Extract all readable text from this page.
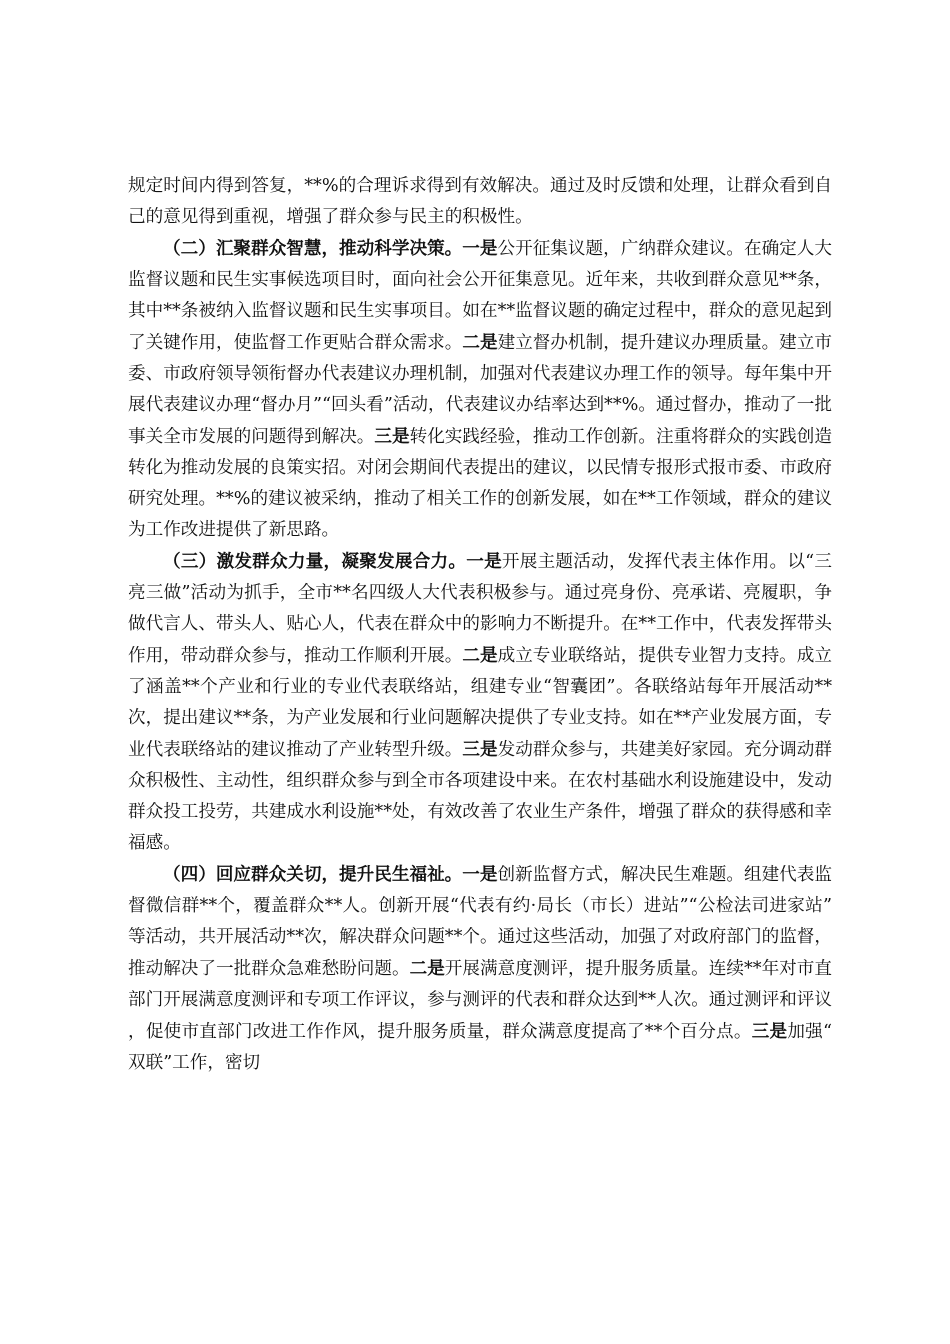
规定时间内得到答复，**%的合理诉求得到有效解决。通过及时反馈和处理，让群众看到自己的意见得到重视，增强了群众参与民主的积极性。

（二）汇聚群众智慧，推动科学决策。一是公开征集议题，广纳群众建议。在确定人大监督议题和民生实事候选项目时，面向社会公开征集意见。近年来，共收到群众意见**条，其中**条被纳入监督议题和民生实事项目。如在**监督议题的确定过程中，群众的意见起到了关键作用，使监督工作更贴合群众需求。二是建立督办机制，提升建议办理质量。建立市委、市政府领导领衔督办代表建议办理机制，加强对代表建议办理工作的领导。每年集中开展代表建议办理“督办月”“回头看”活动，代表建议办结率达到**%。通过督办，推动了一批事关全市发展的问题得到解决。三是转化实践经验，推动工作创新。注重将群众的实践创造转化为推动发展的良策实招。对闭会期间代表提出的建议，以民情专报形式报市委、市政府研究处理。**%的建议被采纳，推动了相关工作的创新发展，如在**工作领域，群众的建议为工作改进提供了新思路。

（三）激发群众力量，凝聚发展合力。一是开展主题活动，发挥代表主体作用。以“三亮三做”活动为抓手，全市**名四级人大代表积极参与。通过亮身份、亮承诺、亮履职，争做代言人、带头人、贴心人，代表在群众中的影响力不断提升。在**工作中，代表发挥带头作用，带动群众参与，推动工作顺利开展。二是成立专业联络站，提供专业智力支持。成立了涵盖**个产业和行业的专业代表联络站，组建专业“智囊团”。各联络站每年开展活动**次，提出建议**条，为产业发展和行业问题解决提供了专业支持。如在**产业发展方面，专业代表联络站的建议推动了产业转型升级。三是发动群众参与，共建美好家园。充分调动群众积极性、主动性，组织群众参与到全市各项建设中来。在农村基础水利设施建设中，发动群众投工投劳，共建成水利设施**处，有效改善了农业生产条件，增强了群众的获得感和幸福感。

（四）回应群众关切，提升民生福祉。一是创新监督方式，解决民生难题。组建代表监督微信群**个，覆盖群众**人。创新开展“代表有约·局长（市长）进站”“公检法司进家站”等活动，共开展活动**次，解决群众问题**个。通过这些活动，加强了对政府部门的监督，推动解决了一批群众急难愁盼问题。二是开展满意度测评，提升服务质量。连续**年对市直部门开展满意度测评和专项工作评议，参与测评的代表和群众达到**人次。通过测评和评议，促使市直部门改进工作作风，提升服务质量，群众满意度提高了**个百分点。三是加强“双联”工作，密切
